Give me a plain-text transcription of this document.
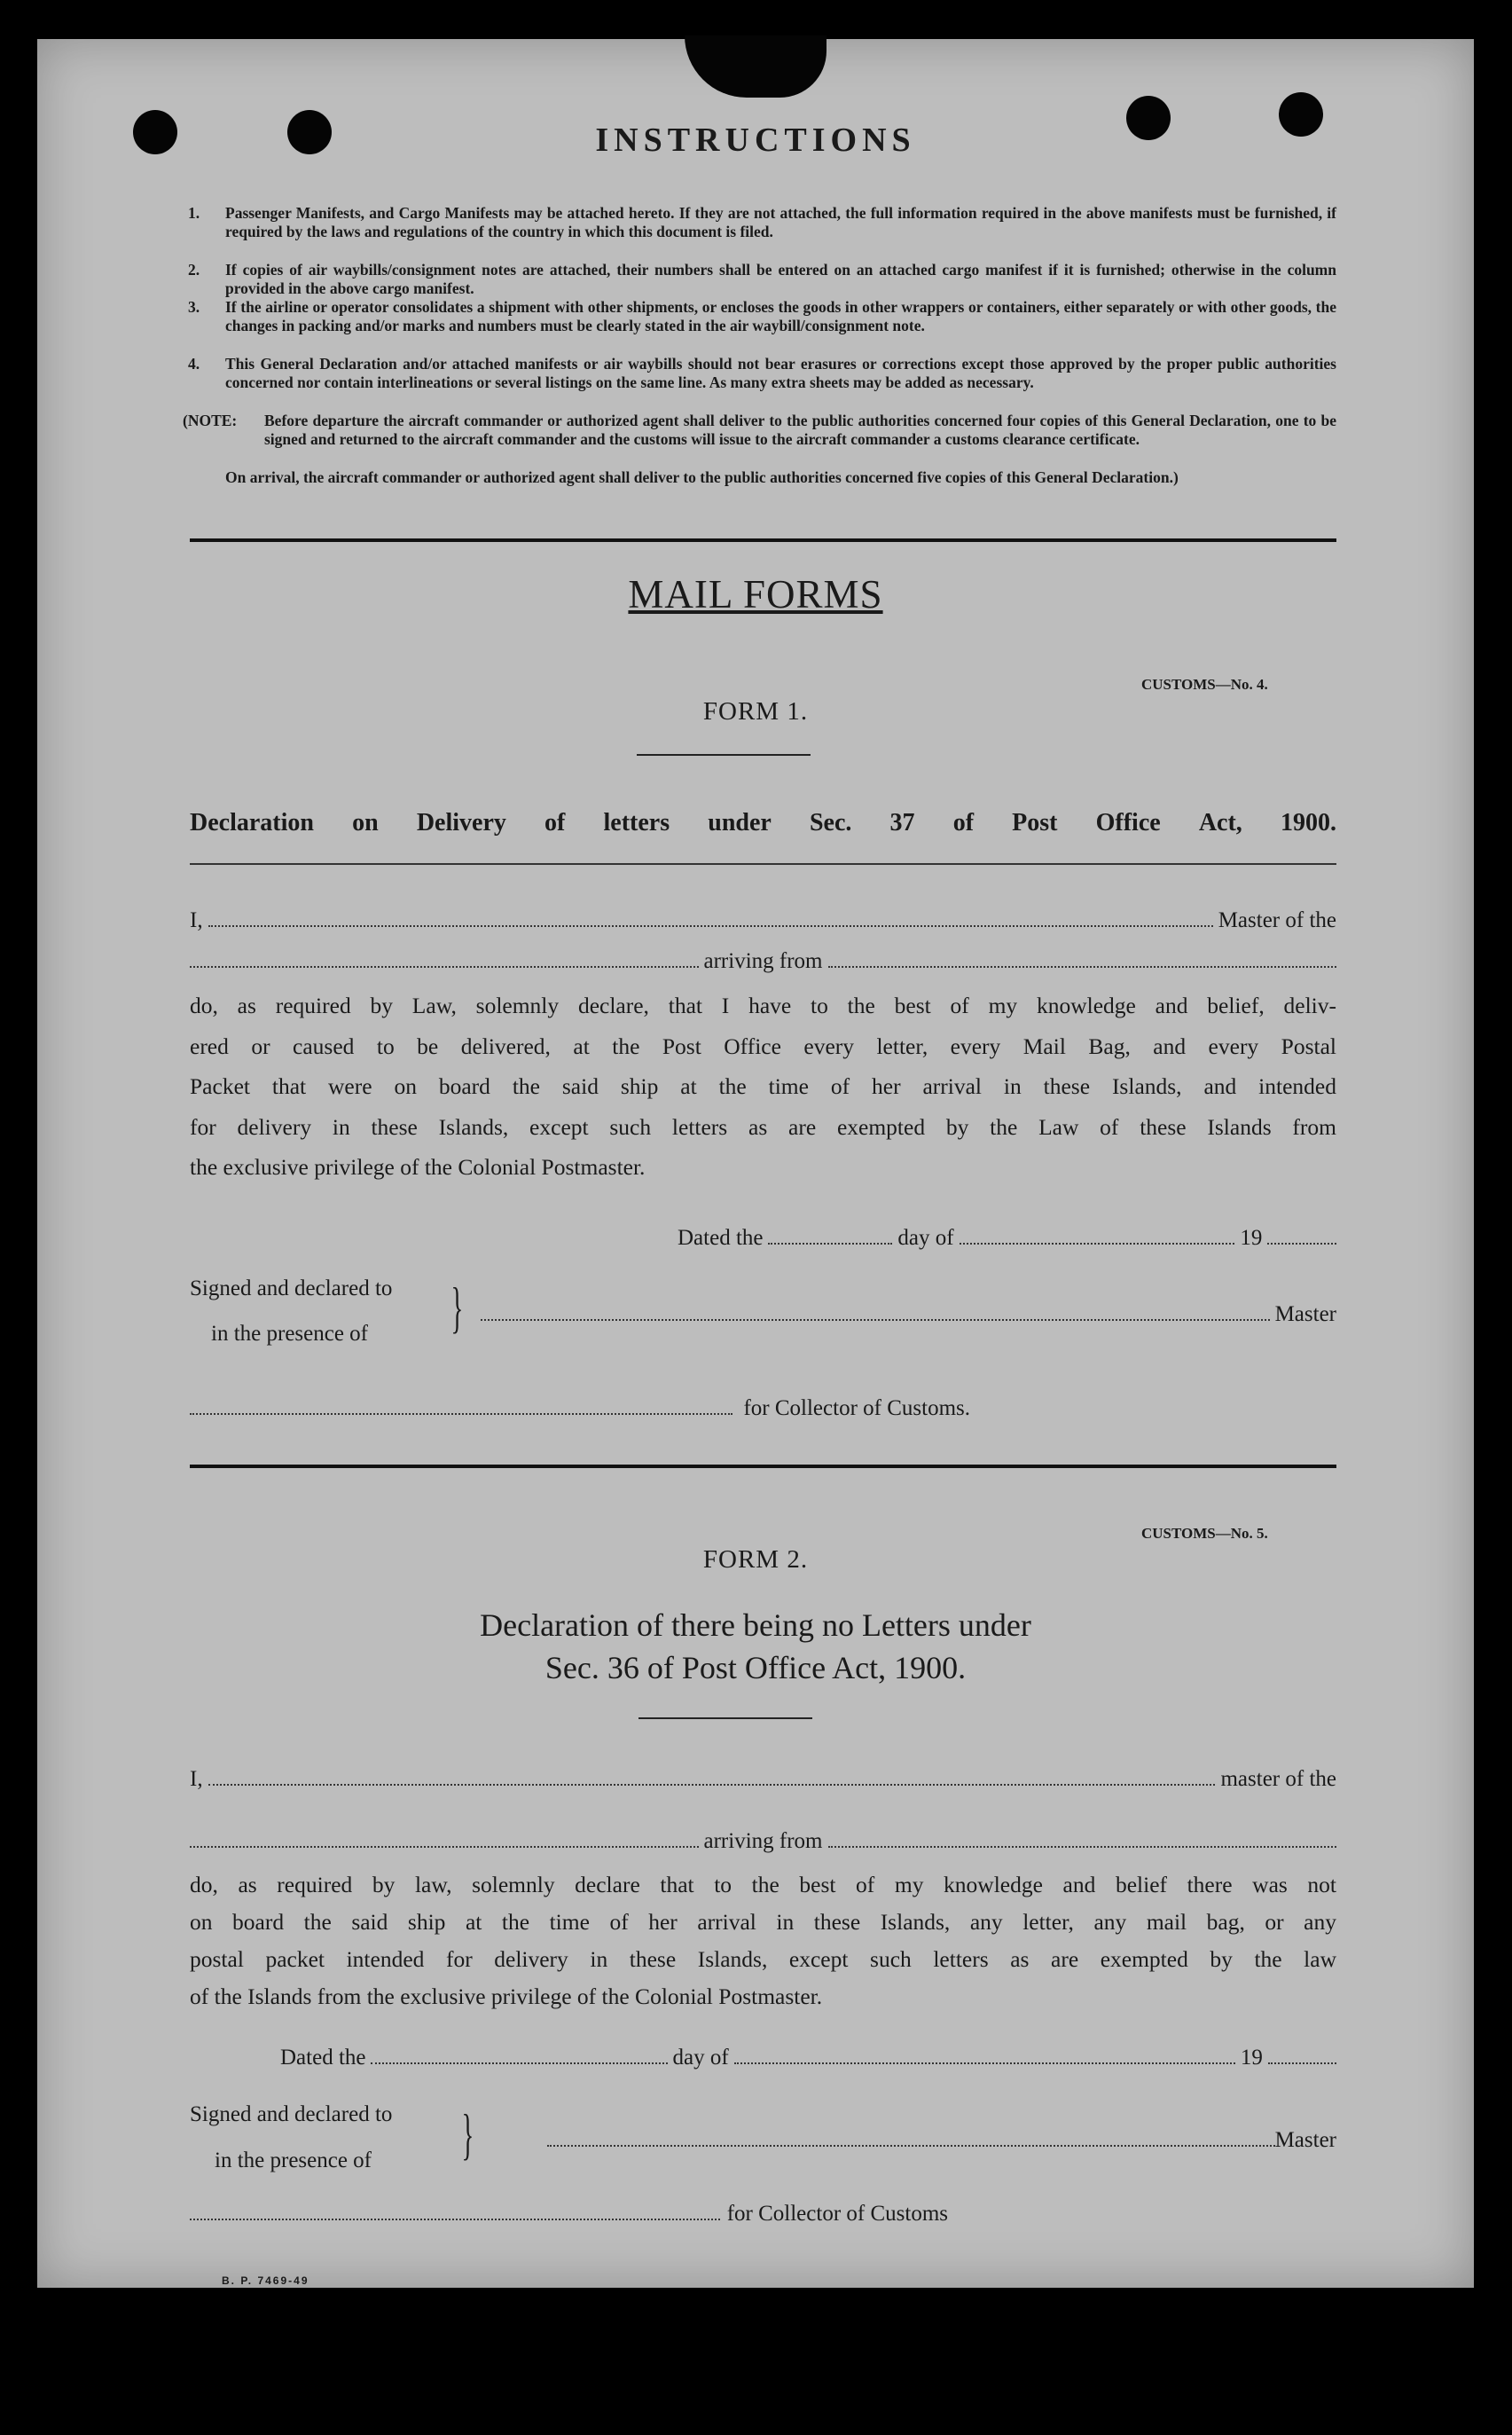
INSTRUCTIONS
1.	Passenger Manifests, and Cargo Manifests may be attached hereto. If they are not attached, the full information required in the above manifests must be furnished, if required by the laws and regulations of the country in which this document is filed.
2.	If copies of air waybills/consignment notes are attached, their numbers shall be entered on an attached cargo manifest if it is furnished; otherwise in the column provided in the above cargo manifest.
3.	If the airline or operator consolidates a shipment with other shipments, or encloses the goods in other wrappers or containers, either separately or with other goods, the changes in packing and/or marks and numbers must be clearly stated in the air waybill/consignment note.
4.	This General Declaration and/or attached manifests or air waybills should not bear erasures or corrections except those approved by the proper public authorities concerned nor contain interlineations or several listings on the same line. As many extra sheets may be added as necessary.
(NOTE: Before departure the aircraft commander or authorized agent shall deliver to the public authorities concerned four copies of this General Declaration, one to be signed and returned to the aircraft commander and the customs will issue to the aircraft commander a customs clearance certificate.
On arrival, the aircraft commander or authorized agent shall deliver to the public authorities concerned five copies of this General Declaration.)
MAIL FORMS
CUSTOMS—No. 4.
FORM 1.
Declaration on Delivery of letters under Sec. 37 of Post Office Act, 1900.
I,	Master of the
arriving from
do, as required by Law, solemnly declare, that I have to the best of my knowledge and belief, deliv-
ered or caused to be delivered, at the Post Office every letter, every Mail Bag, and every Postal
Packet that were on board the said ship at the time of her arrival in these Islands, and intended
for delivery in these Islands, except such letters as are exempted by the Law of these Islands from
the exclusive privilege of the Colonial Postmaster.
Dated the	day of	19
Signed and declared to
in the presence of }	Master
for Collector of Customs.
CUSTOMS—No. 5.
FORM 2.
Declaration of there being no Letters under
Sec. 36 of Post Office Act, 1900.
I,	master of the
arriving from
do, as required by law, solemnly declare that to the best of my knowledge and belief there was not
on board the said ship at the time of her arrival in these Islands, any letter, any mail bag, or any
postal packet intended for delivery in these Islands, except such letters as are exempted by the law
of the Islands from the exclusive privilege of the Colonial Postmaster.
Dated the	day of	19
Signed and declared to
in the presence of }	Master
for Collector of Customs
B. P. 7469-49
